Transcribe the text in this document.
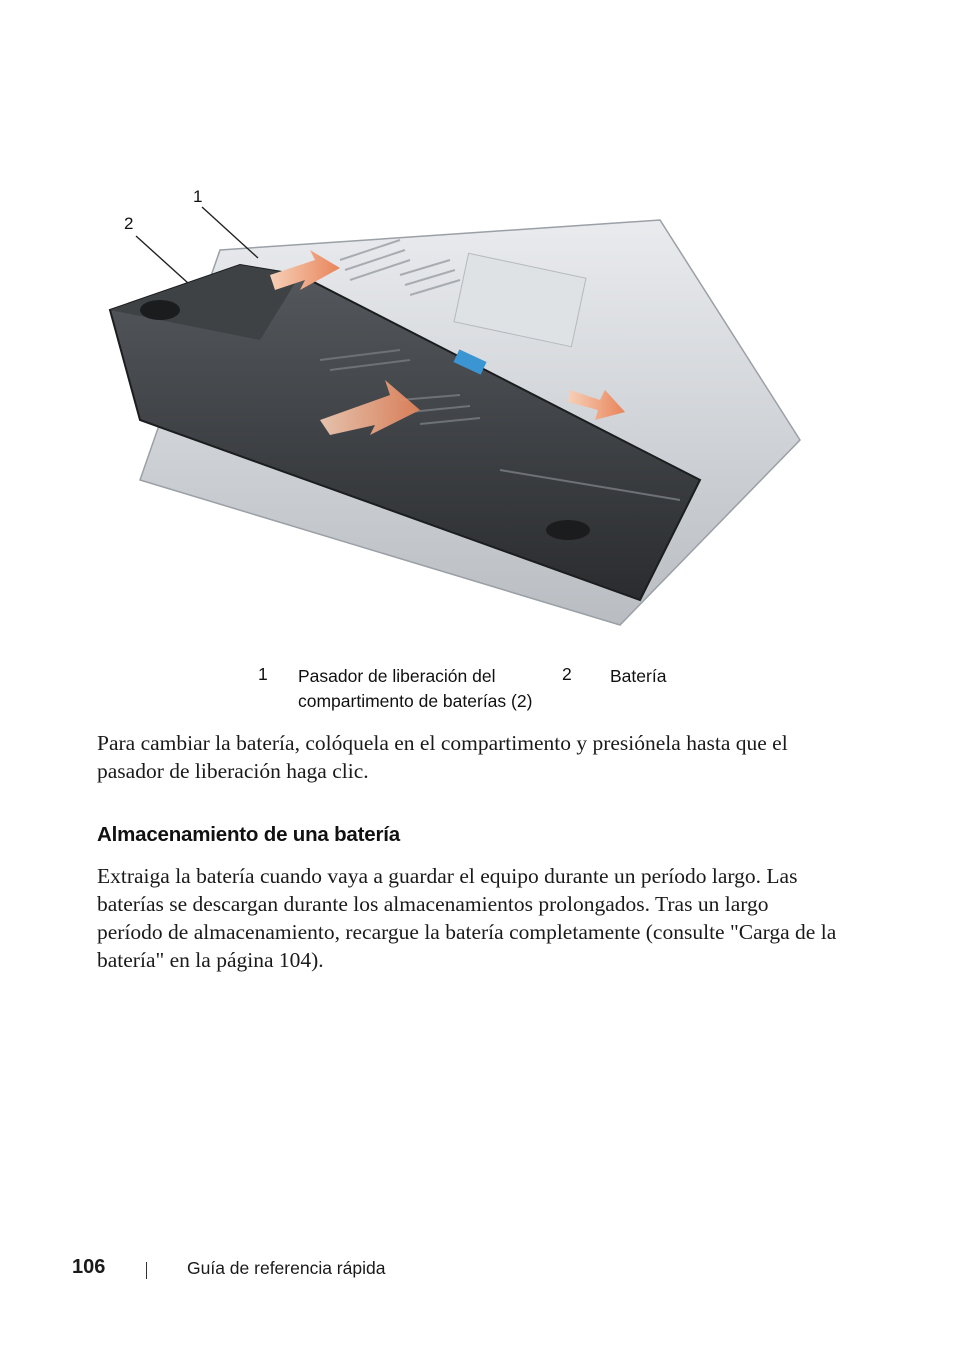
1
2
1 Pasador de liberación del
compartimento de baterías (2)
2 Batería

Para cambiar la batería, colóquela en el compartimento y presiónela hasta que el pasador de liberación haga clic.

Almacenamiento de una batería

Extraiga la batería cuando vaya a guardar el equipo durante un período largo. Las baterías se descargan durante los almacenamientos prolongados. Tras un largo período de almacenamiento, recargue la batería completamente (consulte "Carga de la batería" en la página 104).

106	Guía de referencia rápida
